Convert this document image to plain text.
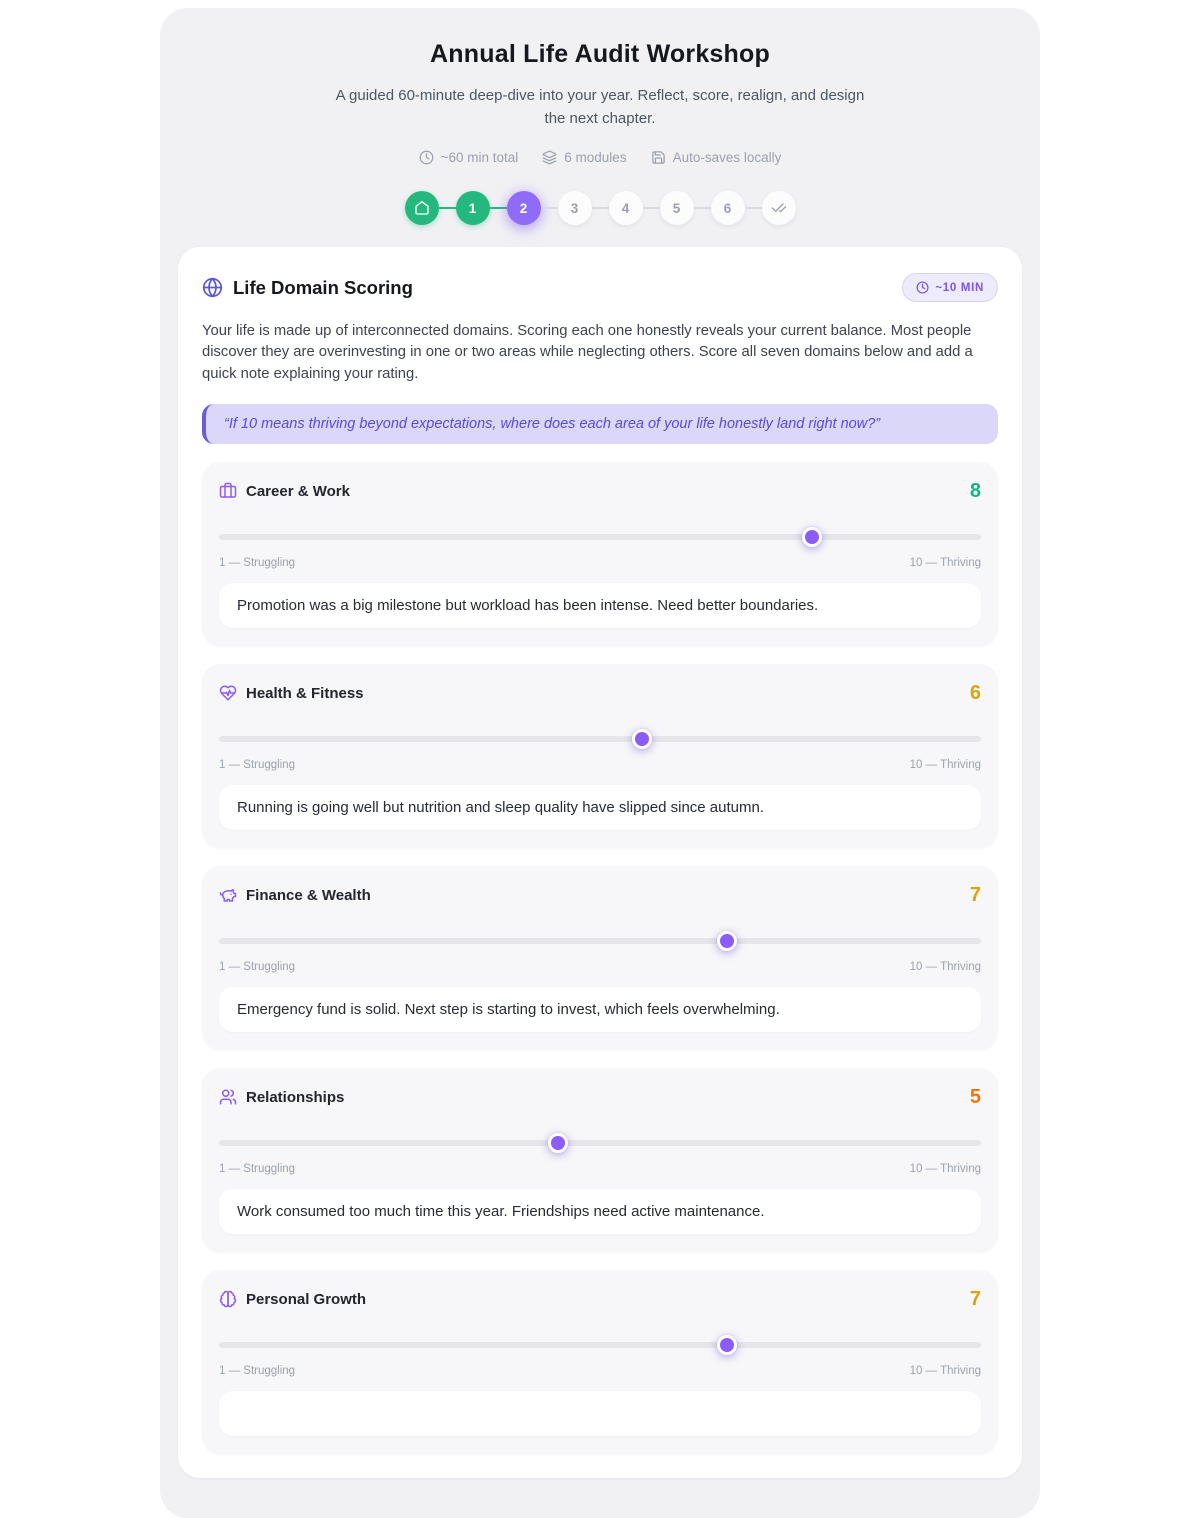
Annual Life Audit Workshop

A guided 60-minute deep-dive into your year. Reflect, score, realign, and design the next chapter.

~60 min total	6 modules	Auto-saves locally
1	2	3	4	5	6
Life Domain Scoring	~10 MIN

Your life is made up of interconnected domains. Scoring each one honestly reveals your current balance. Most people discover they are overinvesting in one or two areas while neglecting others. Score all seven domains below and add a quick note explaining your rating.

“If 10 means thriving beyond expectations, where does each area of your life honestly land right now?”
Career & Work	8
1 — Struggling	10 — Thriving
Promotion was a big milestone but workload has been intense. Need better boundaries.
Health & Fitness	6
1 — Struggling	10 — Thriving
Running is going well but nutrition and sleep quality have slipped since autumn.
Finance & Wealth	7
1 — Struggling	10 — Thriving
Emergency fund is solid. Next step is starting to invest, which feels overwhelming.
Relationships	5
1 — Struggling	10 — Thriving
Work consumed too much time this year. Friendships need active maintenance.
Personal Growth	7
1 — Struggling	10 — Thriving
